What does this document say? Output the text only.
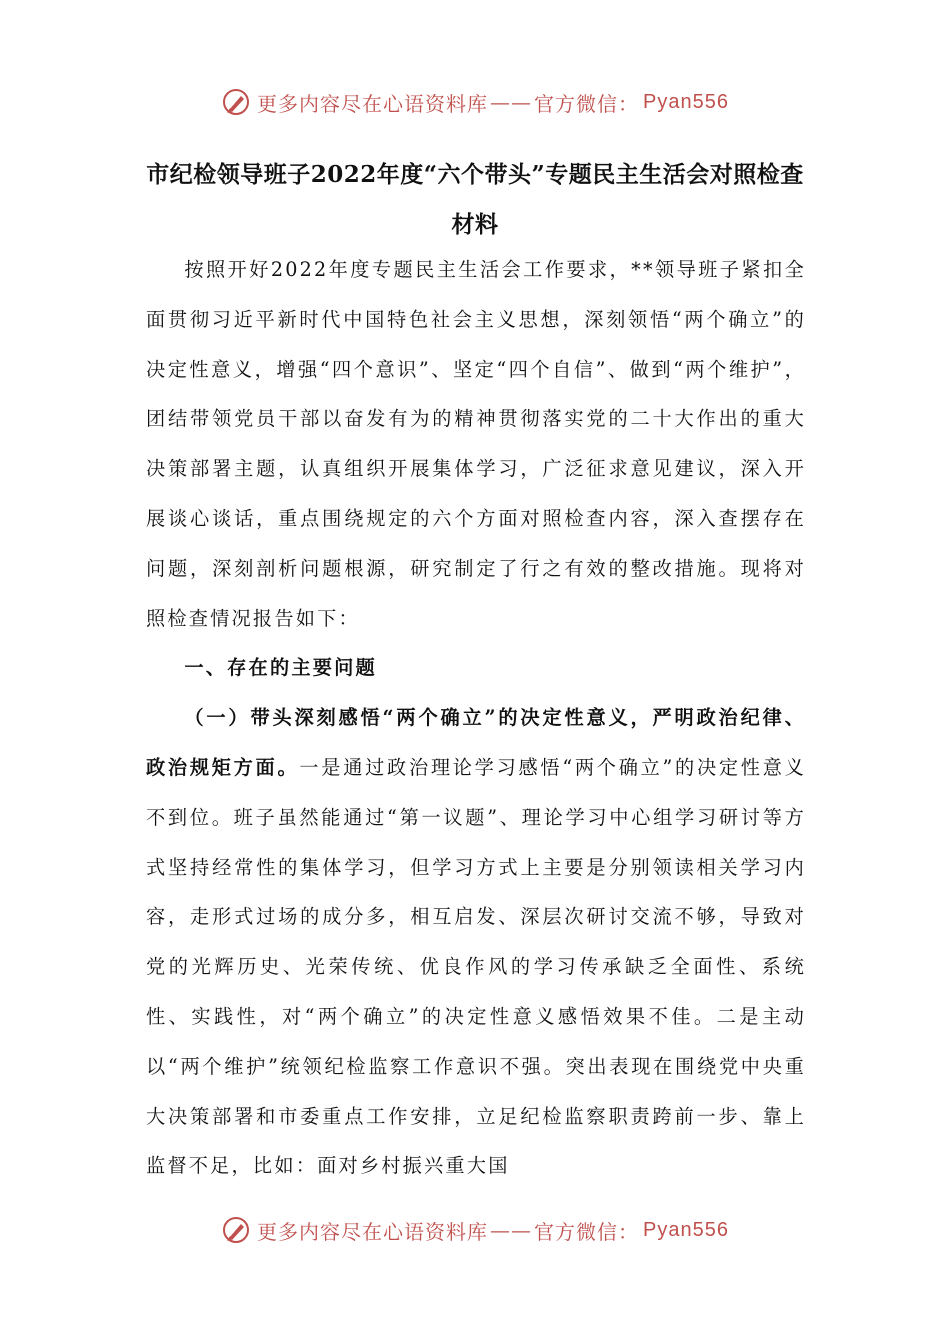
更多内容尽在心语资料库 —— 官方微信： Pyan556
市纪检领导班子2022年度“六个带头”专题民主生活会对照检查材料

按照开好2022年度专题民主生活会工作要求，**领导班子紧扣全面贯彻习近平新时代中国特色社会主义思想，深刻领悟“两个确立”的决定性意义，增强“四个意识”、坚定“四个自信”、做到“两个维护”，团结带领党员干部以奋发有为的精神贯彻落实党的二十大作出的重大决策部署主题，认真组织开展集体学习，广泛征求意见建议，深入开展谈心谈话，重点围绕规定的六个方面对照检查内容，深入查摆存在问题，深刻剖析问题根源，研究制定了行之有效的整改措施。现将对照检查情况报告如下：

一、存在的主要问题

（一）带头深刻感悟“两个确立”的决定性意义，严明政治纪律、政治规矩方面。一是通过政治理论学习感悟“两个确立”的决定性意义不到位。班子虽然能通过“第一议题”、理论学习中心组学习研讨等方式坚持经常性的集体学习，但学习方式上主要是分别领读相关学习内容，走形式过场的成分多，相互启发、深层次研讨交流不够，导致对党的光辉历史、光荣传统、优良作风的学习传承缺乏全面性、系统性、实践性，对“两个确立”的决定性意义感悟效果不佳。二是主动以“两个维护”统领纪检监察工作意识不强。突出表现在围绕党中央重大决策部署和市委重点工作安排，立足纪检监察职责跨前一步、靠上监督不足，比如：面对乡村振兴重大国

更多内容尽在心语资料库 —— 官方微信： Pyan556
